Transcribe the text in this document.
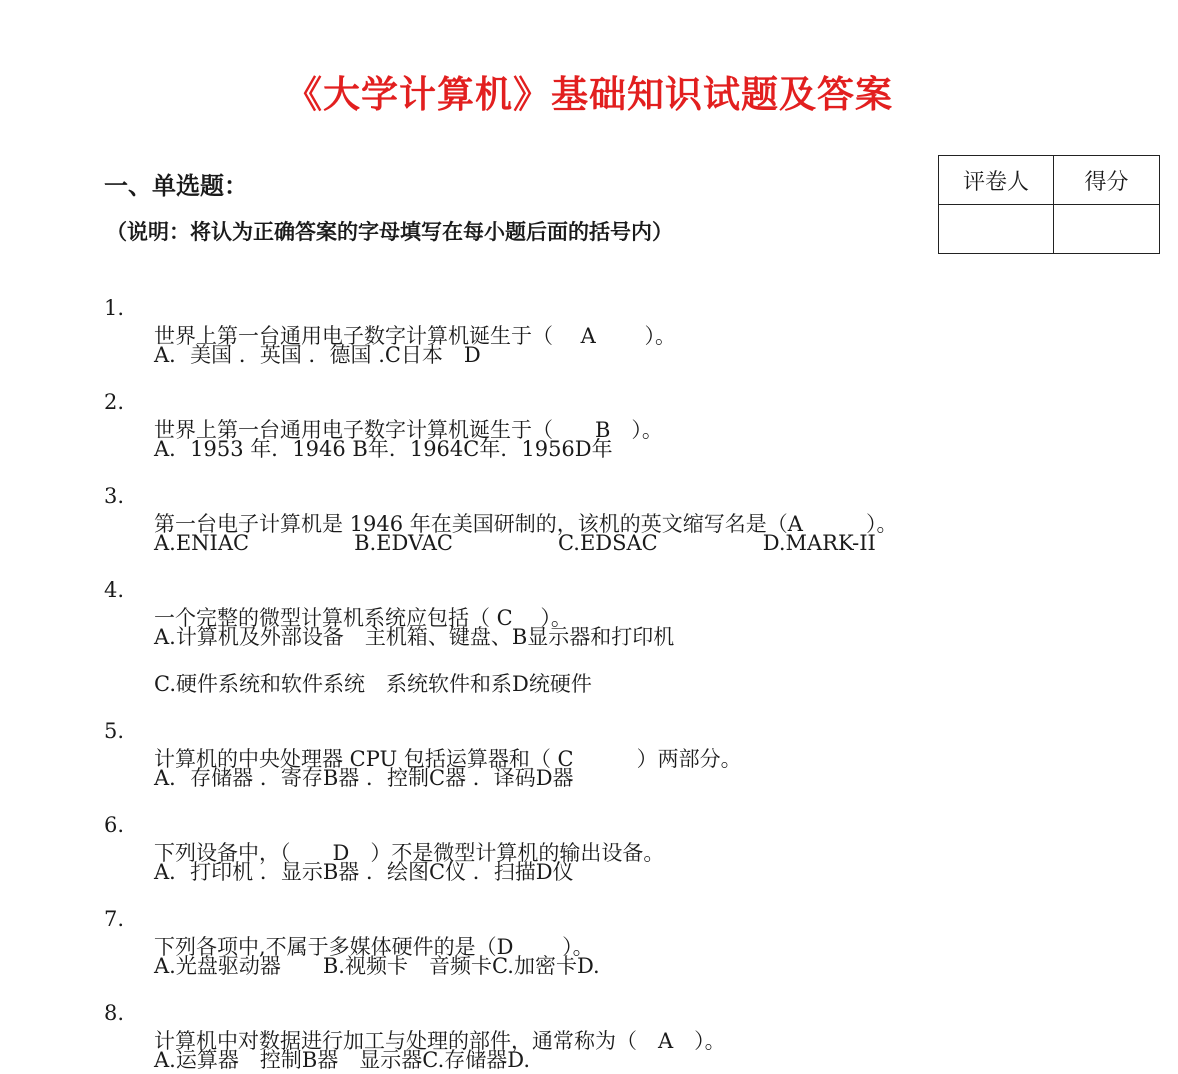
《大学计算机》基础知识试题及答案
评卷人	得分

一、单选题：
（说明：将认为正确答案的字母填写在每小题后面的括号内）

1.

世界上第一台通用电子数字计算机诞生于（　 A　　 ）。

A．美国 ．英国 ．德国 .C日本　D

2.

世界上第一台通用电子数字计算机诞生于（　　B　）。

A．1953 年．1946 B年．1964C年．1956D年

3.

第一台电子计算机是 1946 年在美国研制的，该机的英文缩写名是（A　　　）。

A.ENIAC　　　　　B.EDVAC　　　　　C.EDSAC　　　　　D.MARK-II

4.

一个完整的微型计算机系统应包括（ C　 ）。

A.计算机及外部设备　主机箱、键盘、B显示器和打印机

C.硬件系统和软件系统　系统软件和系D统硬件

5.

计算机的中央处理器 CPU 包括运算器和（ C　　　）两部分。

A．存储器 ．寄存B器 ．控制C器 ．译码D器

6.

下列设备中，（　　D　）不是微型计算机的输出设备。

A．打印机 ．显示B器 ．绘图C仪 ．扫描D仪

7.

下列各项中,不属于多媒体硬件的是（D　　 ）。

A.光盘驱动器　　B.视频卡　音频卡C.加密卡D.

8.

计算机中对数据进行加工与处理的部件，通常称为（　A　）。

A.运算器　控制B器　显示器C.存储器D.
